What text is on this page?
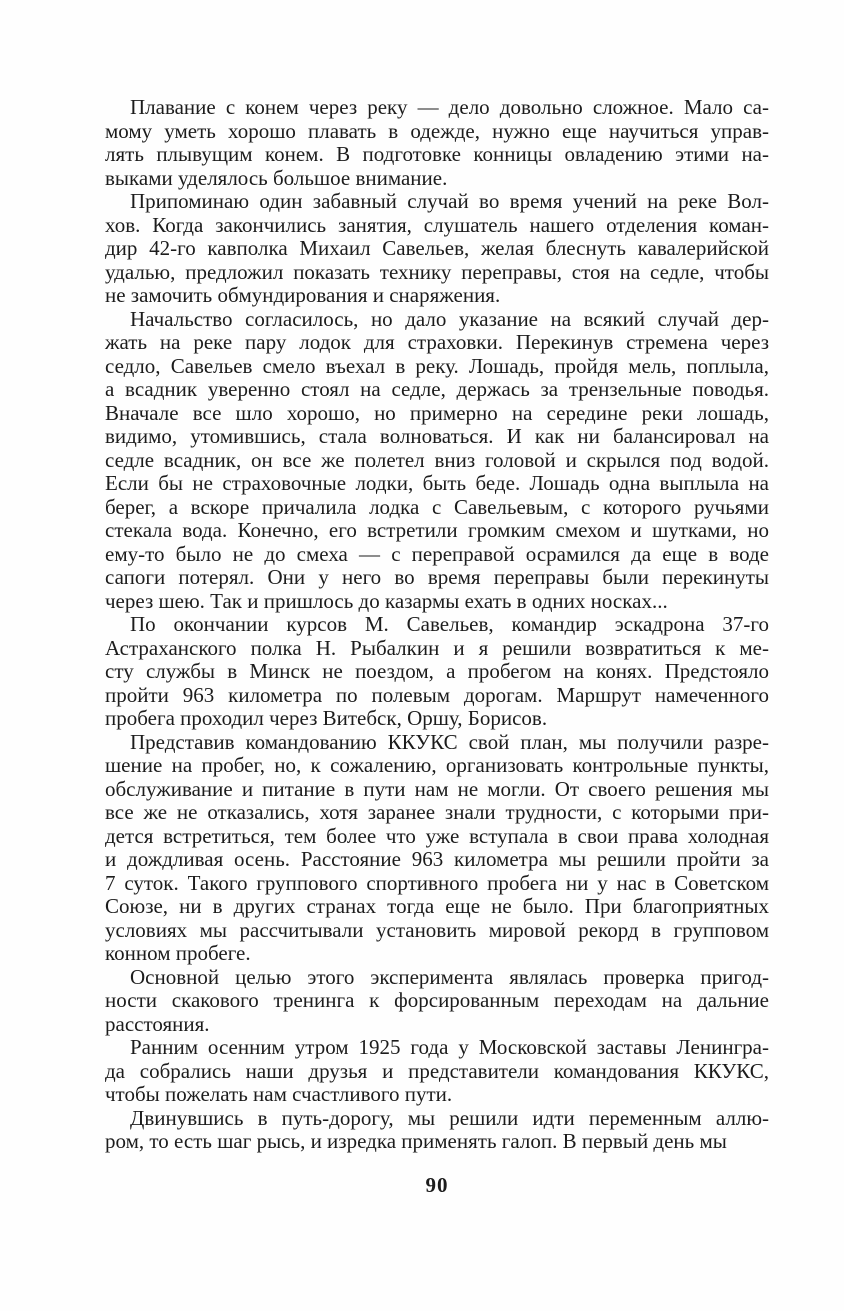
Плавание с конем через реку — дело довольно сложное. Мало са-
мому уметь хорошо плавать в одежде, нужно еще научиться управ-
лять плывущим конем. В подготовке конницы овладению этими на-
выками уделялось большое внимание.
Припоминаю один забавный случай во время учений на реке Вол-
хов. Когда закончились занятия, слушатель нашего отделения коман-
дир 42-го кавполка Михаил Савельев, желая блеснуть кавалерийской
удалью, предложил показать технику переправы, стоя на седле, чтобы
не замочить обмундирования и снаряжения.
Начальство согласилось, но дало указание на всякий случай дер-
жать на реке пару лодок для страховки. Перекинув стремена через
седло, Савельев смело въехал в реку. Лошадь, пройдя мель, поплыла,
а всадник уверенно стоял на седле, держась за трензельные поводья.
Вначале все шло хорошо, но примерно на середине реки лошадь,
видимо, утомившись, стала волноваться. И как ни балансировал на
седле всадник, он все же полетел вниз головой и скрылся под водой.
Если бы не страховочные лодки, быть беде. Лошадь одна выплыла на
берег, а вскоре причалила лодка с Савельевым, с которого ручьями
стекала вода. Конечно, его встретили громким смехом и шутками, но
ему-то было не до смеха — с переправой осрамился да еще в воде
сапоги потерял. Они у него во время переправы были перекинуты
через шею. Так и пришлось до казармы ехать в одних носках...
По окончании курсов М. Савельев, командир эскадрона 37-го
Астраханского полка Н. Рыбалкин и я решили возвратиться к ме-
сту службы в Минск не поездом, а пробегом на конях. Предстояло
пройти 963 километра по полевым дорогам. Маршрут намеченного
пробега проходил через Витебск, Оршу, Борисов.
Представив командованию ККУКС свой план, мы получили разре-
шение на пробег, но, к сожалению, организовать контрольные пункты,
обслуживание и питание в пути нам не могли. От своего решения мы
все же не отказались, хотя заранее знали трудности, с которыми при-
дется встретиться, тем более что уже вступала в свои права холодная
и дождливая осень. Расстояние 963 километра мы решили пройти за
7 суток. Такого группового спортивного пробега ни у нас в Советском
Союзе, ни в других странах тогда еще не было. При благоприятных
условиях мы рассчитывали установить мировой рекорд в групповом
конном пробеге.
Основной целью этого эксперимента являлась проверка пригод-
ности скакового тренинга к форсированным переходам на дальние
расстояния.
Ранним осенним утром 1925 года у Московской заставы Ленингра-
да собрались наши друзья и представители командования ККУКС,
чтобы пожелать нам счастливого пути.
Двинувшись в путь-дорогу, мы решили идти переменным аллю-
ром, то есть шаг рысь, и изредка применять галоп. В первый день мы
90
